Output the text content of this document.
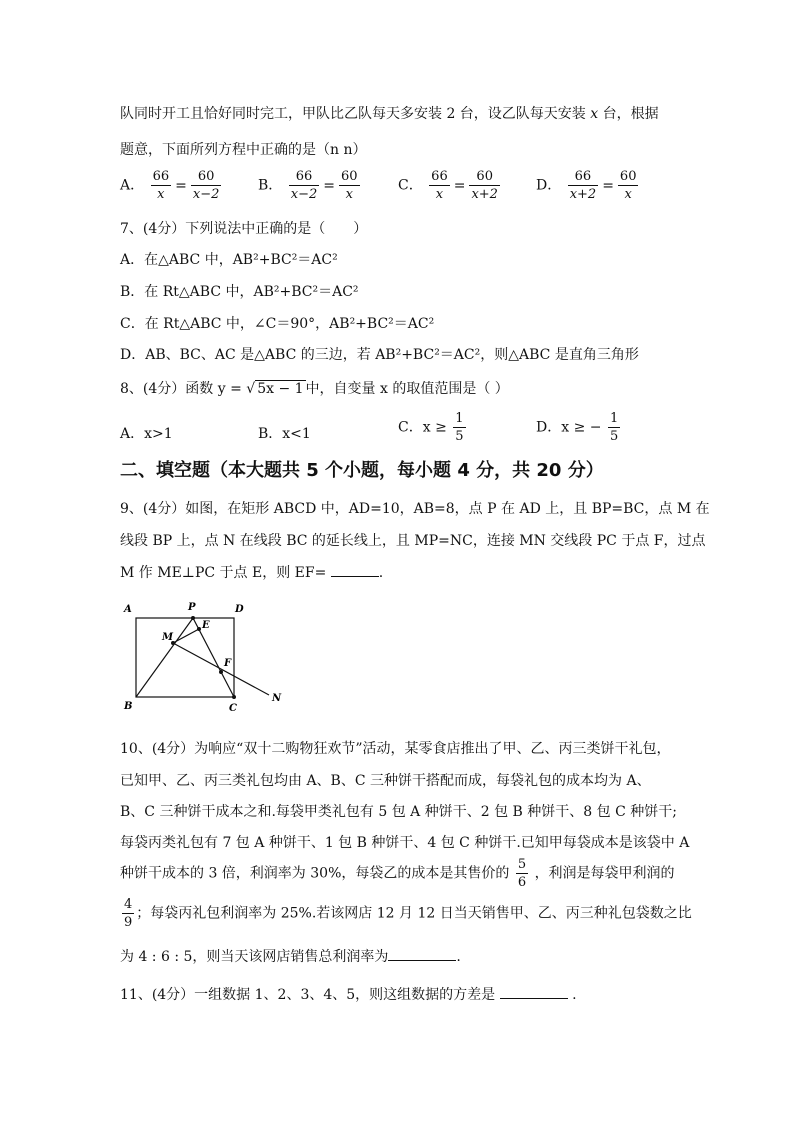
队同时开工且恰好同时完工，甲队比乙队每天多安装 2 台，设乙队每天安装 x 台，根据
题意，下面所列方程中正确的是（n n）
A． $\frac{66}{x} = \frac{60}{x-2}$	B． $\frac{66}{x-2} = \frac{60}{x}$	C． $\frac{66}{x} = \frac{60}{x+2}$	D． $\frac{66}{x+2} = \frac{60}{x}$
7、(4分）下列说法中正确的是（　　）
A．在△ABC 中，AB²+BC²＝AC²
B．在 Rt△ABC 中，AB²+BC²＝AC²
C．在 Rt△ABC 中，∠C＝90°，AB²+BC²＝AC²
D．AB、BC、AC 是△ABC 的三边，若 AB²+BC²＝AC²，则△ABC 是直角三角形
8、(4分）函数 y = √ 5x − 1 中，自变量 x 的取值范围是（ ）
A．x>1	B．x<1	C．$x \ge \frac{1}{5}$	D．x ≥ − $\frac{1}{5}$
二、填空题（本大题共 5 个小题，每小题 4 分，共 20 分）
9、(4分）如图，在矩形 ABCD 中，AD=10，AB=8，点 P 在 AD 上，且 BP=BC，点 M 在
线段 BP 上，点 N 在线段 BC 的延长线上，且 MP=NC，连接 MN 交线段 PC 于点 F，过点
M 作 ME⊥PC 于点 E，则 EF=	.
A	P	D
M
E
F
B	C
N
10、(4分）为响应“双十二购物狂欢节”活动，某零食店推出了甲、乙、丙三类饼干礼包，
已知甲、乙、丙三类礼包均由 A、B、C 三种饼干搭配而成，每袋礼包的成本均为 A、
B、C 三种饼干成本之和.每袋甲类礼包有 5 包 A 种饼干、2 包 B 种饼干、8 包 C 种饼干;
每袋丙类礼包有 7 包 A 种饼干、1 包 B 种饼干、4 包 C 种饼干.已知甲每袋成本是该袋中 A
种饼干成本的 3 倍，利润率为 30%，每袋乙的成本是其售价的 $\frac{5}{6}$ ，利润是每袋甲利润的
$\frac{4}{9}$ ；每袋丙礼包利润率为 25%.若该网店 12 月 12 日当天销售甲、乙、丙三种礼包袋数之比
为 4 : 6 : 5，则当天该网店销售总利润率为	.
11、(4分）一组数据 1、2、3、4、5，则这组数据的方差是	.
